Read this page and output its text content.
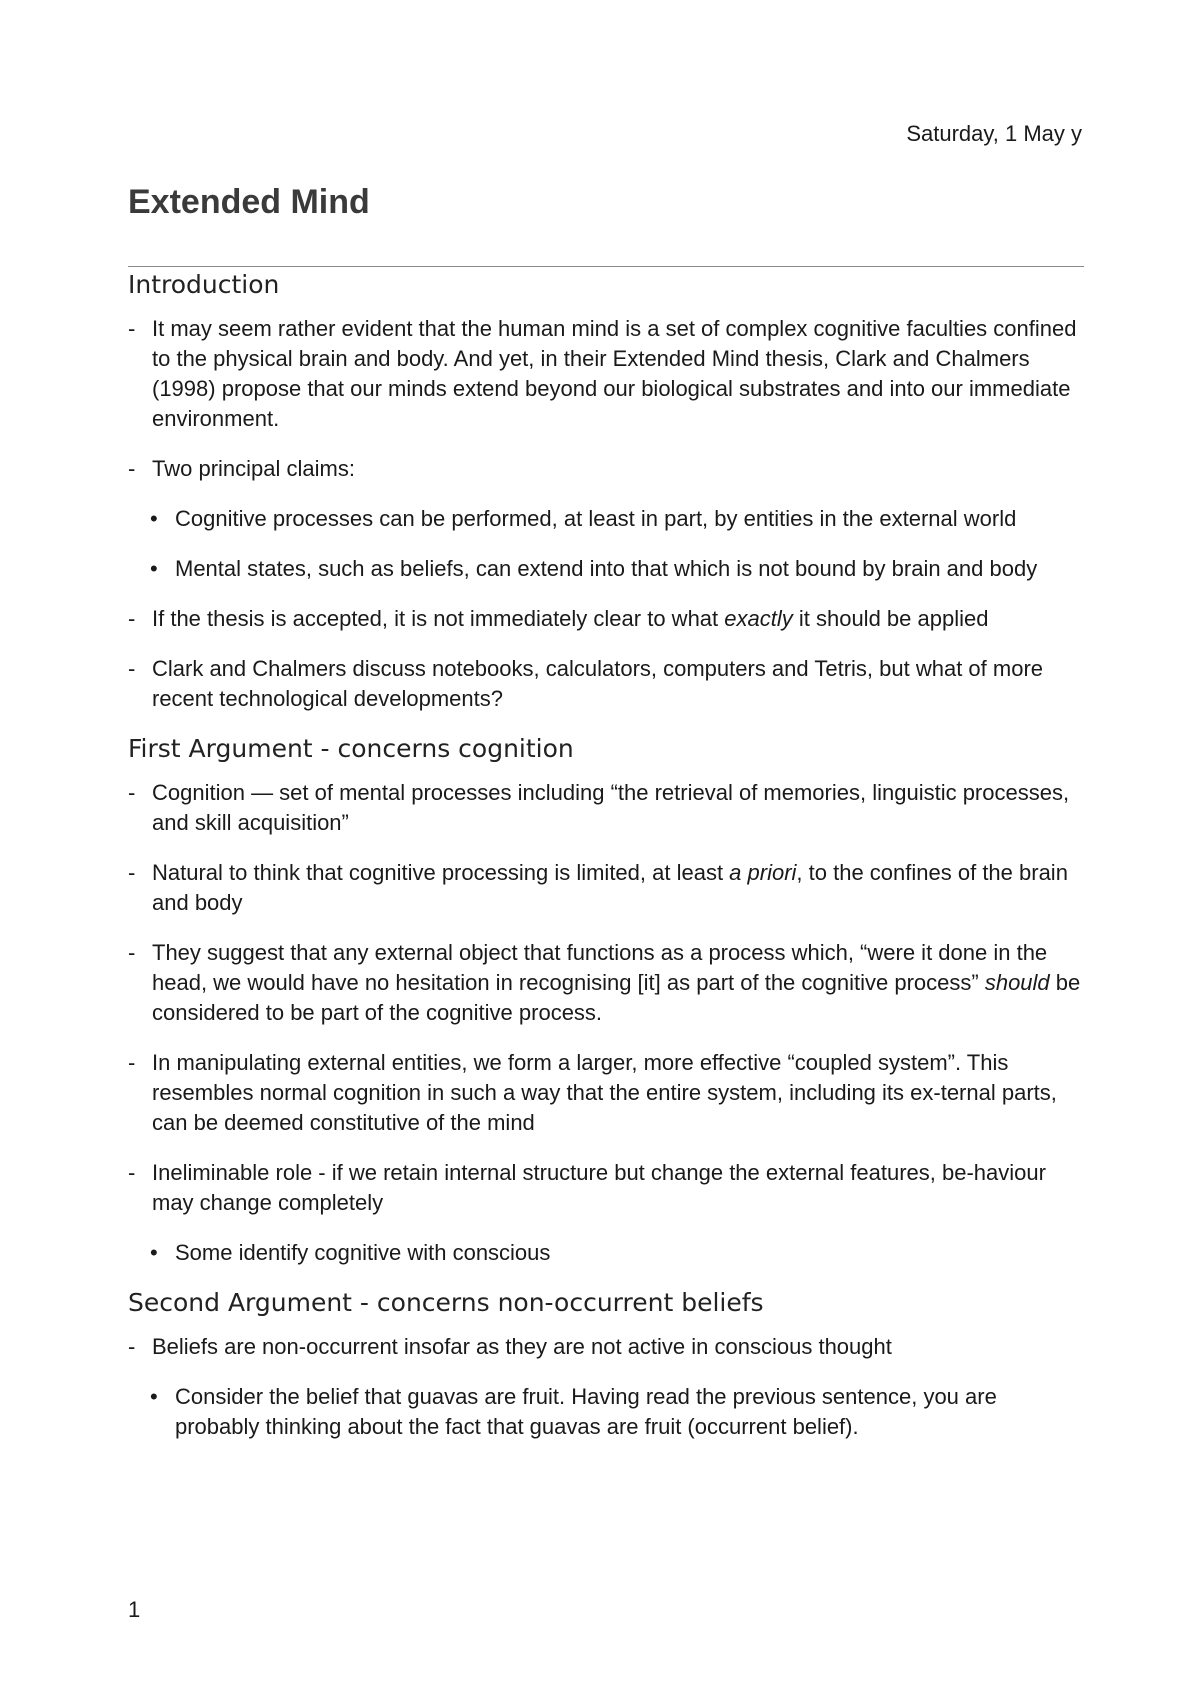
Saturday, 1 May y
Extended Mind
Introduction
- It may seem rather evident that the human mind is a set of complex cognitive faculties confined to the physical brain and body. And yet, in their Extended Mind thesis, Clark and Chalmers (1998) propose that our minds extend beyond our biological substrates and into our immediate environment.
- Two principal claims:
• Cognitive processes can be performed, at least in part, by entities in the external world
• Mental states, such as beliefs, can extend into that which is not bound by brain and body
- If the thesis is accepted, it is not immediately clear to what exactly it should be applied
- Clark and Chalmers discuss notebooks, calculators, computers and Tetris, but what of more recent technological developments?
First Argument - concerns cognition
- Cognition — set of mental processes including “the retrieval of memories, linguistic processes, and skill acquisition”
- Natural to think that cognitive processing is limited, at least a priori, to the confines of the brain and body
- They suggest that any external object that functions as a process which, “were it done in the head, we would have no hesitation in recognising [it] as part of the cognitive process” should be considered to be part of the cognitive process.
- In manipulating external entities, we form a larger, more effective “coupled system”. This resembles normal cognition in such a way that the entire system, including its ex-ternal parts, can be deemed constitutive of the mind
- Ineliminable role - if we retain internal structure but change the external features, be-haviour may change completely
• Some identify cognitive with conscious
Second Argument - concerns non-occurrent beliefs
- Beliefs are non-occurrent insofar as they are not active in conscious thought
• Consider the belief that guavas are fruit. Having read the previous sentence, you are probably thinking about the fact that guavas are fruit (occurrent belief).
1
